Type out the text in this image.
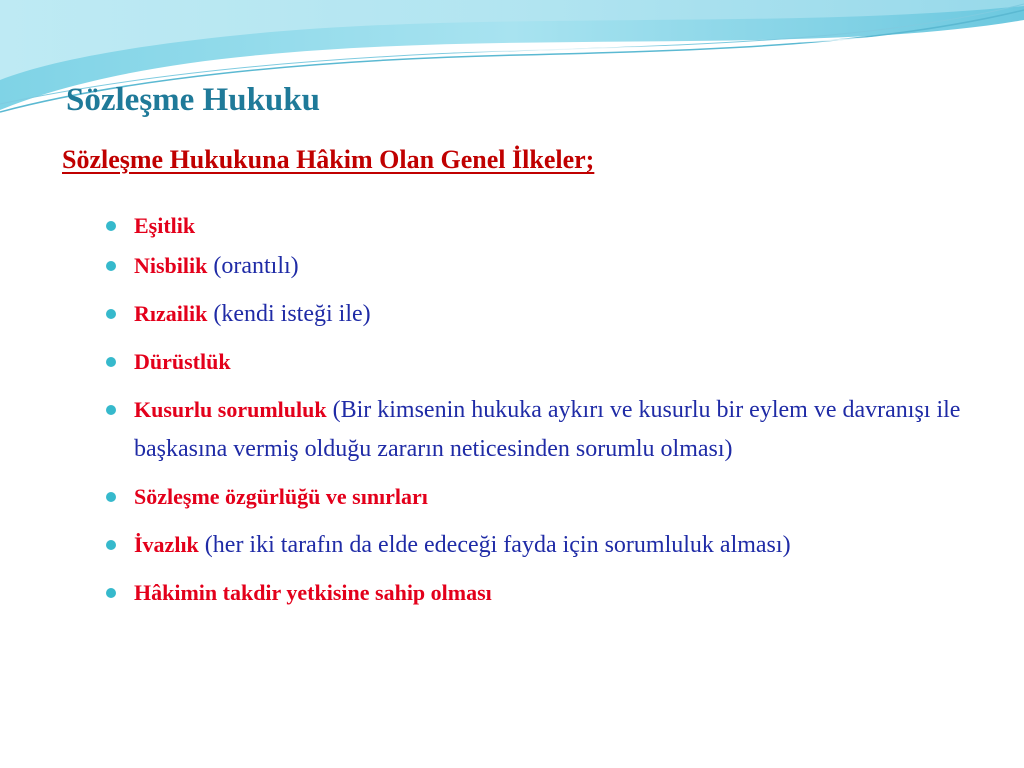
Sözleşme Hukuku
Sözleşme Hukukuna Hâkim Olan Genel İlkeler;
Eşitlik
Nisbilik (orantılı)
Rızailik (kendi isteği ile)
Dürüstlük
Kusurlu sorumluluk (Bir kimsenin hukuka aykırı ve kusurlu bir eylem ve davranışı ile başkasına vermiş olduğu zararın neticesinden sorumlu olması)
Sözleşme özgürlüğü ve sınırları
İvazlık (her iki tarafın da elde edeceği fayda için sorumluluk alması)
Hâkimin takdir yetkisine sahip olması
